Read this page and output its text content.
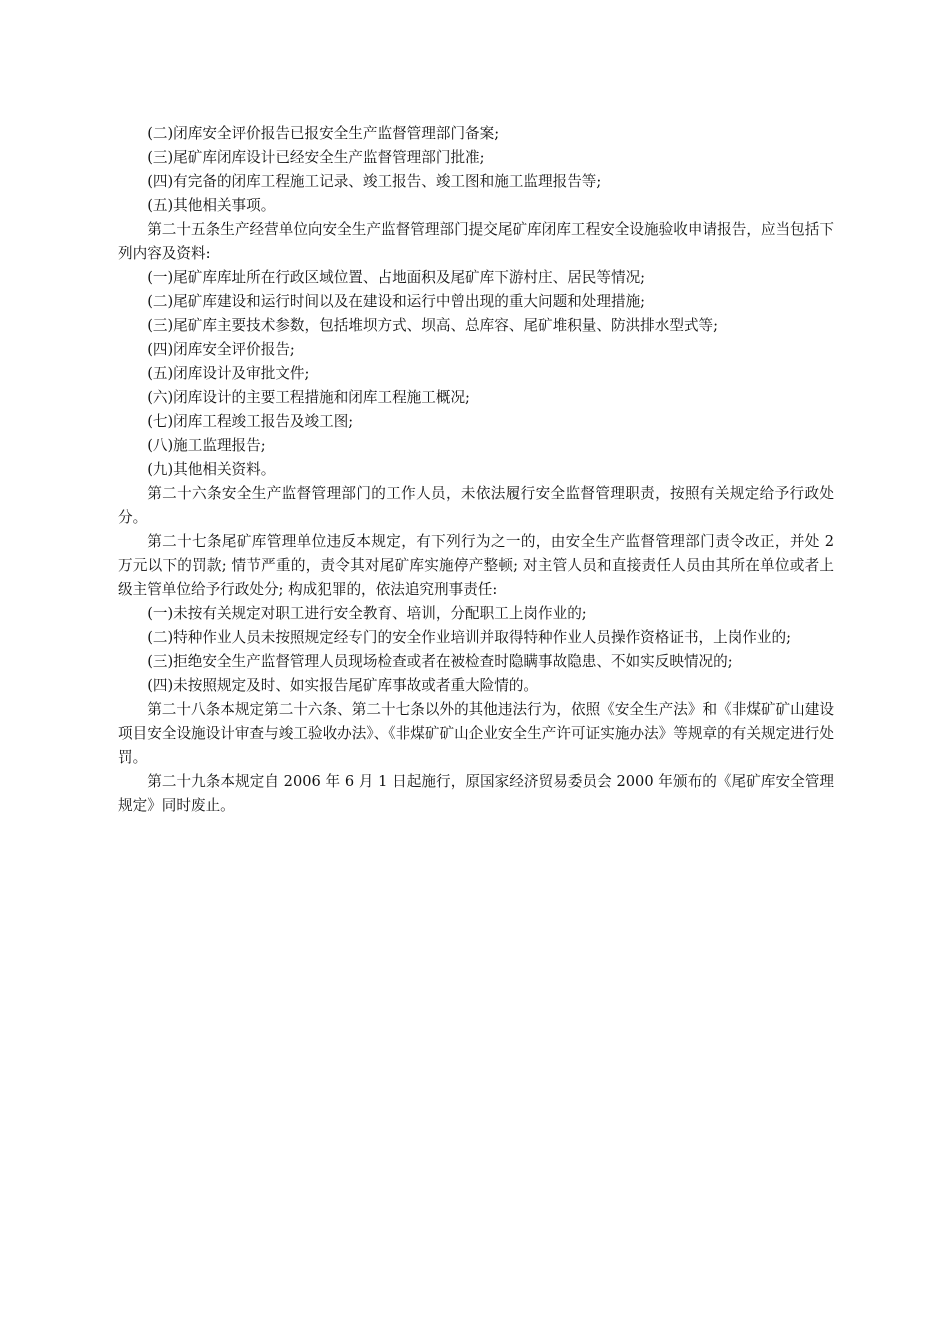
(二)闭库安全评价报告已报安全生产监督管理部门备案;

(三)尾矿库闭库设计已经安全生产监督管理部门批准;

(四)有完备的闭库工程施工记录、竣工报告、竣工图和施工监理报告等;

(五)其他相关事项。

第二十五条生产经营单位向安全生产监督管理部门提交尾矿库闭库工程安全设施验收申请报告，应当包括下列内容及资料:

(一)尾矿库库址所在行政区域位置、占地面积及尾矿库下游村庄、居民等情况;

(二)尾矿库建设和运行时间以及在建设和运行中曾出现的重大问题和处理措施;

(三)尾矿库主要技术参数，包括堆坝方式、坝高、总库容、尾矿堆积量、防洪排水型式等;

(四)闭库安全评价报告;

(五)闭库设计及审批文件;

(六)闭库设计的主要工程措施和闭库工程施工概况;

(七)闭库工程竣工报告及竣工图;

(八)施工监理报告;

(九)其他相关资料。

第二十六条安全生产监督管理部门的工作人员，未依法履行安全监督管理职责，按照有关规定给予行政处分。

第二十七条尾矿库管理单位违反本规定，有下列行为之一的，由安全生产监督管理部门责令改正，并处 2 万元以下的罚款; 情节严重的，责令其对尾矿库实施停产整顿; 对主管人员和直接责任人员由其所在单位或者上级主管单位给予行政处分; 构成犯罪的，依法追究刑事责任:

(一)未按有关规定对职工进行安全教育、培训，分配职工上岗作业的;

(二)特种作业人员未按照规定经专门的安全作业培训并取得特种作业人员操作资格证书，上岗作业的;

(三)拒绝安全生产监督管理人员现场检查或者在被检查时隐瞒事故隐患、不如实反映情况的;

(四)未按照规定及时、如实报告尾矿库事故或者重大险情的。

第二十八条本规定第二十六条、第二十七条以外的其他违法行为，依照《安全生产法》和《非煤矿矿山建设项目安全设施设计审查与竣工验收办法》、《非煤矿矿山企业安全生产许可证实施办法》等规章的有关规定进行处罚。

第二十九条本规定自 2006 年 6 月 1 日起施行，原国家经济贸易委员会 2000 年颁布的《尾矿库安全管理规定》同时废止。
